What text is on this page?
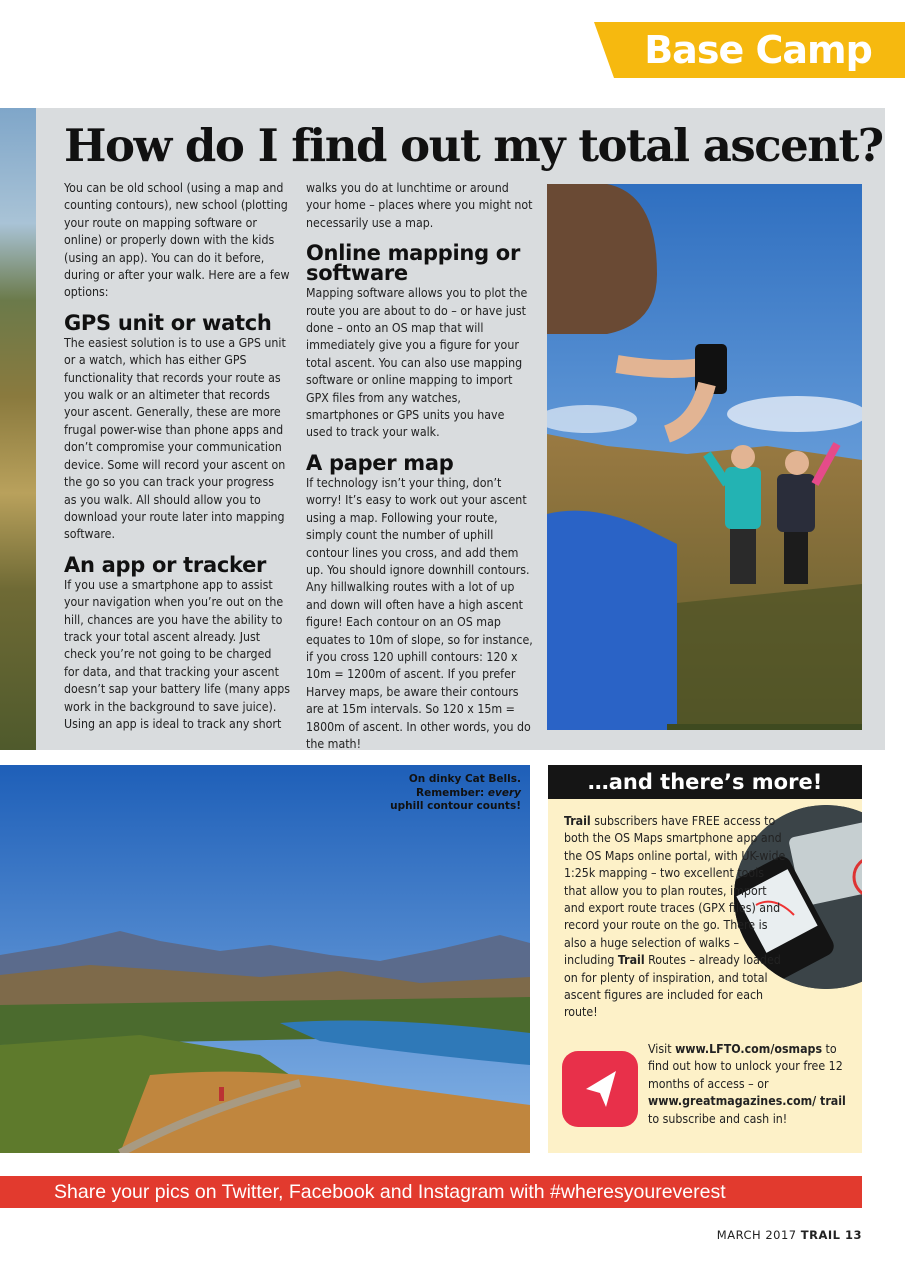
Base Camp
How do I find out my total ascent?

You can be old school (using a map and counting contours), new school (plotting your route on mapping software or online) or properly down with the kids (using an app). You can do it before, during or after your walk. Here are a few options:

GPS unit or watch

The easiest solution is to use a GPS unit or a watch, which has either GPS functionality that records your route as you walk or an altimeter that records your ascent. Generally, these are more frugal power-wise than phone apps and don’t compromise your communication device. Some will record your ascent on the go so you can track your progress as you walk. All should allow you to download your route later into mapping software.

An app or tracker

If you use a smartphone app to assist your navigation when you’re out on the hill, chances are you have the ability to track your total ascent already. Just check you’re not going to be charged for data, and that tracking your ascent doesn’t sap your battery life (many apps work in the background to save juice). Using an app is ideal to track any short

walks you do at lunchtime or around your home – places where you might not necessarily use a map.

Online mapping or software

Mapping software allows you to plot the route you are about to do – or have just done – onto an OS map that will immediately give you a figure for your total ascent. You can also use mapping software or online mapping to import GPX files from any watches, smartphones or GPS units you have used to track your walk.

A paper map

If technology isn’t your thing, don’t worry! It’s easy to work out your ascent using a map. Following your route, simply count the number of uphill contour lines you cross, and add them up. You should ignore downhill contours. Any hillwalking routes with a lot of up and down will often have a high ascent figure! Each contour on an OS map equates to 10m of slope, so for instance, if you cross 120 uphill contours: 120 x 10m = 1200m of ascent. If you prefer Harvey maps, be aware their contours are at 15m intervals. So 120 x 15m = 1800m of ascent. In other words, you do the math!

On dinky Cat Bells.
Remember: every
uphill contour counts!
…and there’s more!
Trail subscribers have FREE access to both the OS Maps smartphone app and the OS Maps online portal, with UK-wide 1:25k mapping – two excellent tools that allow you to plan routes, import and export route traces (GPX files) and record your route on the go. There is also a huge selection of walks – including Trail Routes – already loaded on for plenty of inspiration, and total ascent figures are included for each route!
Visit www.LFTO.com/osmaps to find out how to unlock your free 12 months of access – or www.greatmagazines.com/ trail to subscribe and cash in!
Share your pics on Twitter, Facebook and Instagram with #wheresyoureverest
MARCH 2017 TRAIL 13
